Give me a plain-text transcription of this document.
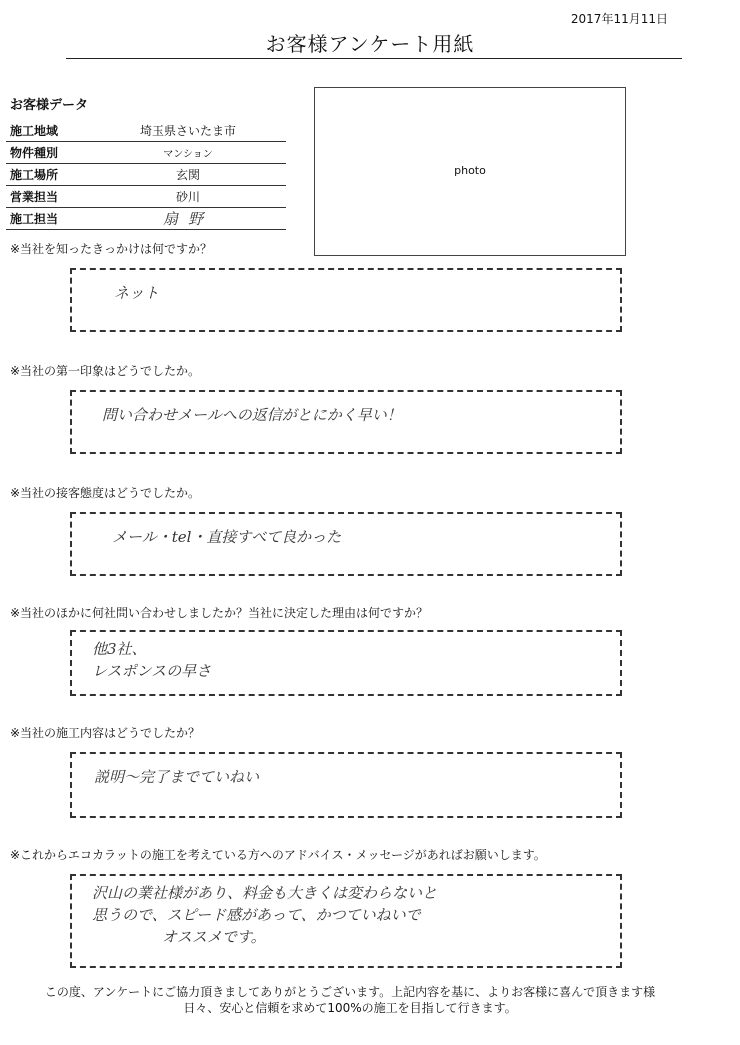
2017年11月11日
お客様アンケート用紙
お客様データ
施工地域	埼玉県さいたま市
物件種別	マンション
施工場所	玄関
営業担当	砂川
施工担当	扇野
photo
※当社を知ったきっかけは何ですか？
ネット
※当社の第一印象はどうでしたか。
問い合わせメールへの返信がとにかく早い！
※当社の接客態度はどうでしたか。
メール・tel・直接すべて良かった
※当社のほかに何社問い合わせしましたか？当社に決定した理由は何ですか？
他3社、
レスポンスの早さ
※当社の施工内容はどうでしたか？
説明～完了までていねい
※これからエコカラットの施工を考えている方へのアドバイス・メッセージがあればお願いします。
沢山の業社様があり、料金も大きくは変わらないと
思うので、スピード感があって、かつていねいで
オススメです。
この度、アンケートにご協力頂きましてありがとうございます。上記内容を基に、よりお客様に喜んで頂きます様
日々、安心と信頼を求めて100%の施工を目指して行きます。
